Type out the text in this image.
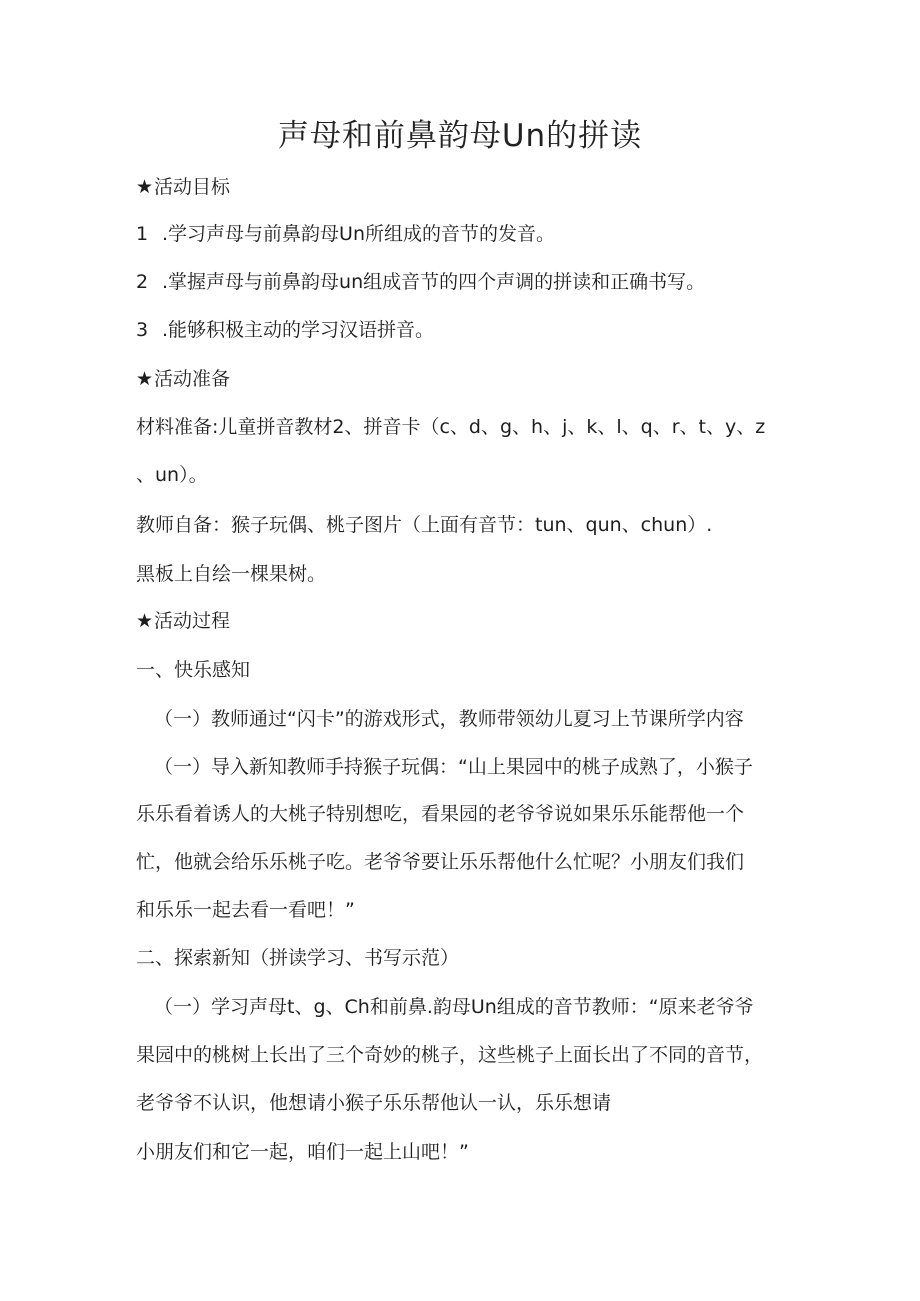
声母和前鼻韵母Un的拼读
★活动目标
1 .学习声母与前鼻韵母Un所组成的音节的发音。
2 .掌握声母与前鼻韵母un组成音节的四个声调的拼读和正确书写。
3 .能够积极主动的学习汉语拼音。
★活动准备
材料准备:儿童拼音教材2、拼音卡（c、d、g、h、j、k、l、q、r、t、y、z
、un）。
教师自备：猴子玩偶、桃子图片（上面有音节：tun、qun、chun）.
黑板上自绘一棵果树。
★活动过程
一、快乐感知
（一）教师通过“闪卡”的游戏形式，教师带领幼儿夏习上节课所学内容
（一）导入新知教师手持猴子玩偶：“山上果园中的桃子成熟了，小猴子
乐乐看着诱人的大桃子特别想吃，看果园的老爷爷说如果乐乐能帮他一个
忙，他就会给乐乐桃子吃。老爷爷要让乐乐帮他什么忙呢？小朋友们我们
和乐乐一起去看一看吧！”
二、探索新知（拼读学习、书写示范）
（一）学习声母t、g、Ch和前鼻.韵母Un组成的音节教师：“原来老爷爷
果园中的桃树上长出了三个奇妙的桃子，这些桃子上面长出了不同的音节，
老爷爷不认识，他想请小猴子乐乐帮他认一认，乐乐想请
小朋友们和它一起，咱们一起上山吧！”
